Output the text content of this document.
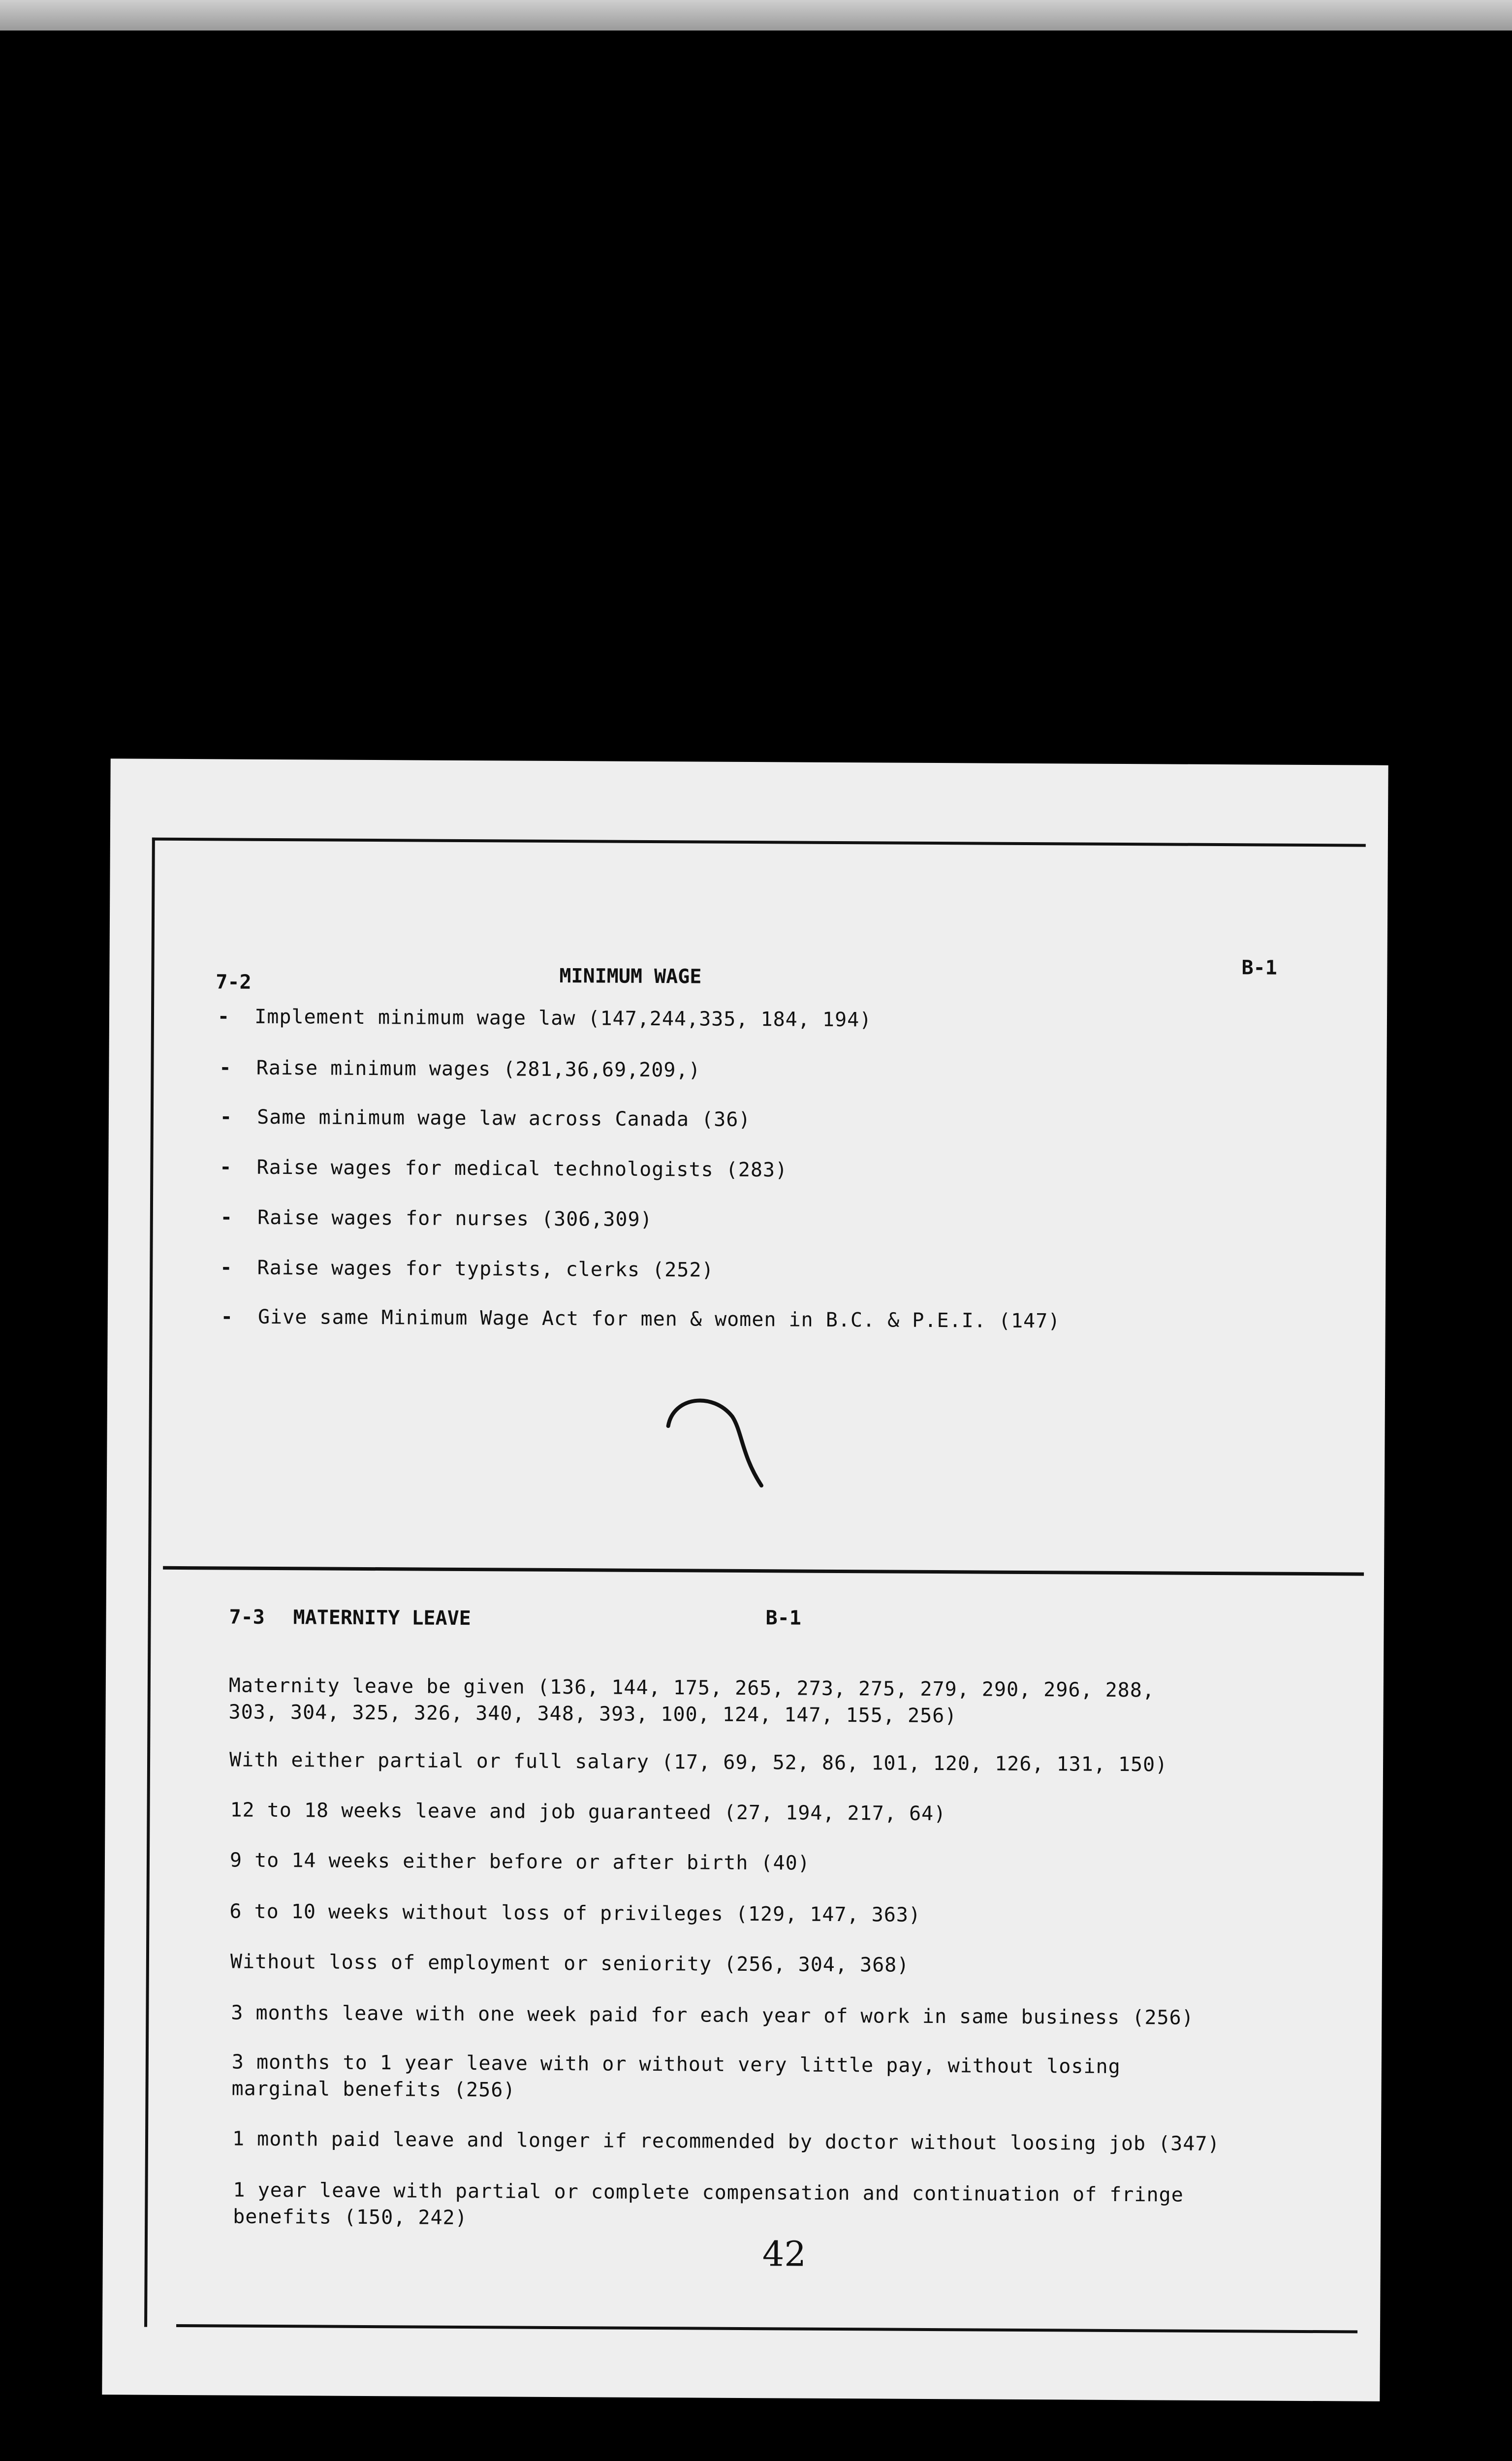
7-2	MINIMUM WAGE	B-1
-  Implement minimum wage law (147,244,335, 184, 194)
-  Raise minimum wages (281,36,69,209,)
-  Same minimum wage law across Canada (36)
-  Raise wages for medical technologists (283)
-  Raise wages for nurses (306,309)
-  Raise wages for typists, clerks (252)
-  Give same Minimum Wage Act for men & women in B.C. & P.E.I. (147)
7-3 MATERNITY LEAVE	B-1
Maternity leave be given (136, 144, 175, 265, 273, 275, 279, 290, 296, 288, 303, 304, 325, 326, 340, 348, 393, 100, 124, 147, 155, 256)
With either partial or full salary (17, 69, 52, 86, 101, 120, 126, 131, 150)
12 to 18 weeks leave and job guaranteed (27, 194, 217, 64)
9 to 14 weeks either before or after birth (40)
6 to 10 weeks without loss of privileges (129, 147, 363)
Without loss of employment or seniority (256, 304, 368)
3 months leave with one week paid for each year of work in same business (256)
3 months to 1 year leave with or without very little pay, without losing marginal benefits (256)
1 month paid leave and longer if recommended by doctor without loosing job (347)
1 year leave with partial or complete compensation and continuation of fringe benefits (150, 242)
42
